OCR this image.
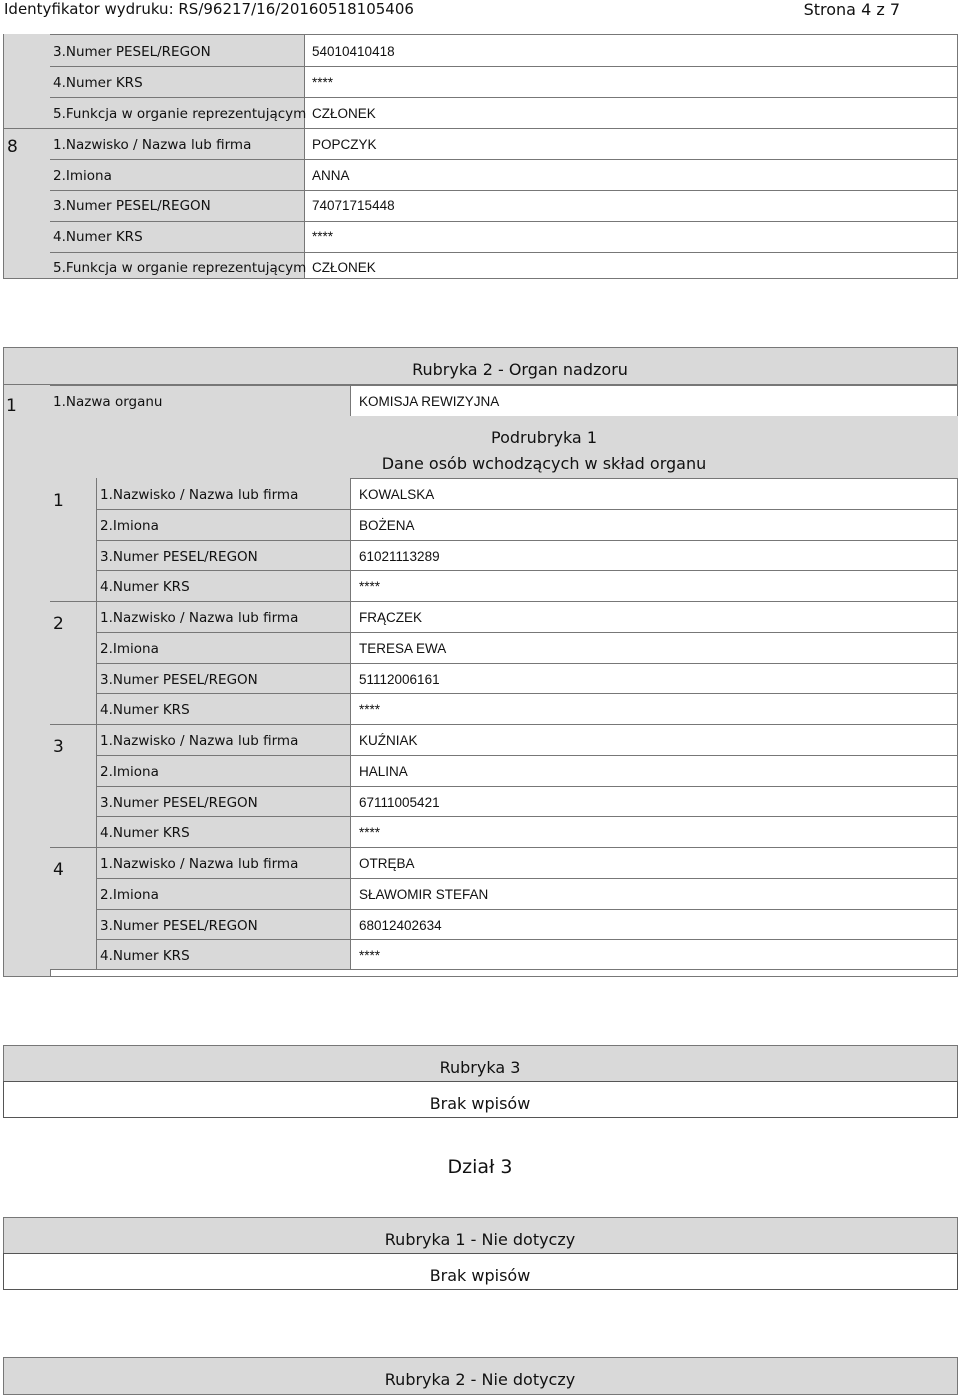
Identyfikator wydruku: RS/96217/16/20160518105406	Strona 4 z 7
3.Numer PESEL/REGON	54010410418
4.Numer KRS	****
5.Funkcja w organie reprezentującym CZŁONEK
8	1.Nazwisko / Nazwa lub firma	POPCZYK
2.Imiona	ANNA
3.Numer PESEL/REGON	74071715448
4.Numer KRS	****
5.Funkcja w organie reprezentującym CZŁONEK
Rubryka 2 - Organ nadzoru
1	1.Nazwa organu	KOMISJA REWIZYJNA
Podrubryka 1
Dane osób wchodzących w skład organu
1	1.Nazwisko / Nazwa lub firma	KOWALSKA
2.Imiona	BOŻENA
3.Numer PESEL/REGON	61021113289
4.Numer KRS	****
2	1.Nazwisko / Nazwa lub firma	FRĄCZEK
2.Imiona	TERESA EWA
3.Numer PESEL/REGON	51112006161
4.Numer KRS	****
3	1.Nazwisko / Nazwa lub firma	KUŹNIAK
2.Imiona	HALINA
3.Numer PESEL/REGON	67111005421
4.Numer KRS	****
4	1.Nazwisko / Nazwa lub firma	OTRĘBA
2.Imiona	SŁAWOMIR STEFAN
3.Numer PESEL/REGON	68012402634
4.Numer KRS	****
Rubryka 3
Brak wpisów
Dział 3
Rubryka 1 - Nie dotyczy
Brak wpisów
Rubryka 2 - Nie dotyczy
